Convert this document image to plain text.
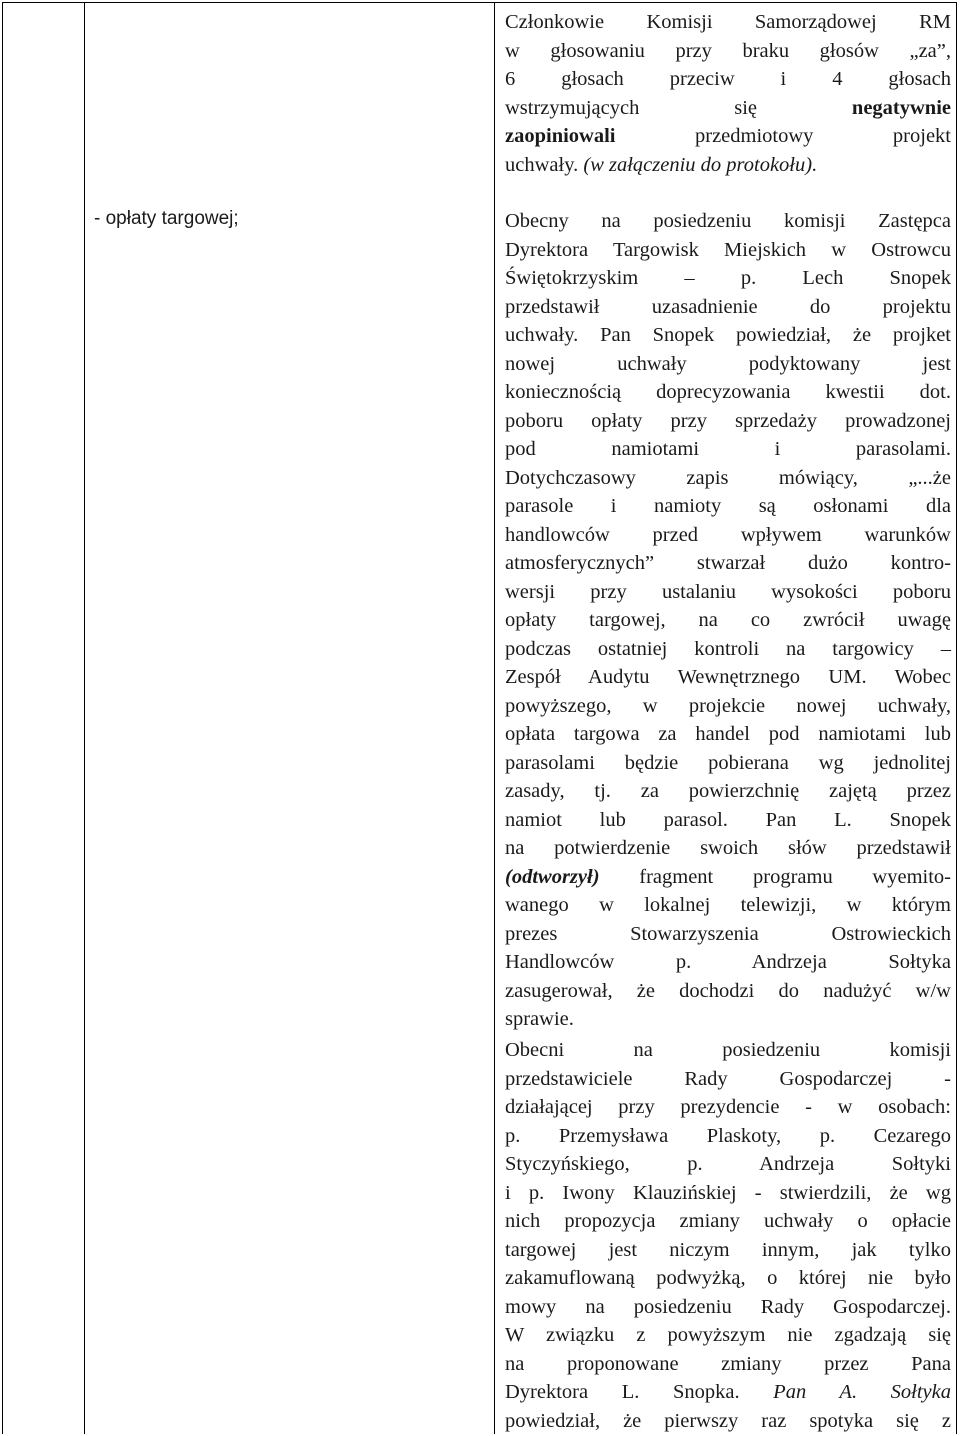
- opłaty targowej;
Członkowie Komisji Samorządowej RM
w głosowaniu przy braku głosów „za”,
6 głosach przeciw i 4 głosach
wstrzymujących się negatywnie
zaopiniowali przedmiotowy projekt
uchwały. (w załączeniu do protokołu).
Obecny na posiedzeniu komisji Zastępca
Dyrektora Targowisk Miejskich w Ostrowcu
Świętokrzyskim – p. Lech Snopek
przedstawił uzasadnienie do projektu
uchwały. Pan Snopek powiedział, że projket
nowej uchwały podyktowany jest
koniecznością doprecyzowania kwestii dot.
poboru opłaty przy sprzedaży prowadzonej
pod namiotami i parasolami.
Dotychczasowy zapis mówiący, „...że
parasole i namioty są osłonami dla
handlowców przed wpływem warunków
atmosferycznych” stwarzał dużo kontro-
wersji przy ustalaniu wysokości poboru
opłaty targowej, na co zwrócił uwagę
podczas ostatniej kontroli na targowicy –
Zespół Audytu Wewnętrznego UM. Wobec
powyższego, w projekcie nowej uchwały,
opłata targowa za handel pod namiotami lub
parasolami będzie pobierana wg jednolitej
zasady, tj. za powierzchnię zajętą przez
namiot lub parasol. Pan L. Snopek
na potwierdzenie swoich słów przedstawił
(odtworzył) fragment programu wyemito-
wanego w lokalnej telewizji, w którym
prezes Stowarzyszenia Ostrowieckich
Handlowców p. Andrzeja Sołtyka
zasugerował, że dochodzi do nadużyć w/w
sprawie.
Obecni na posiedzeniu komisji
przedstawiciele Rady Gospodarczej -
działającej przy prezydencie - w osobach:
p. Przemysława Plaskoty, p. Cezarego
Styczyńskiego, p. Andrzeja Sołtyki
i p. Iwony Klauzińskiej - stwierdzili, że wg
nich propozycja zmiany uchwały o opłacie
targowej jest niczym innym, jak tylko
zakamuflowaną podwyżką, o której nie było
mowy na posiedzeniu Rady Gospodarczej.
W związku z powyższym nie zgadzają się
na proponowane zmiany przez Pana
Dyrektora L. Snopka. Pan A. Sołtyka
powiedział, że pierwszy raz spotyka się z
